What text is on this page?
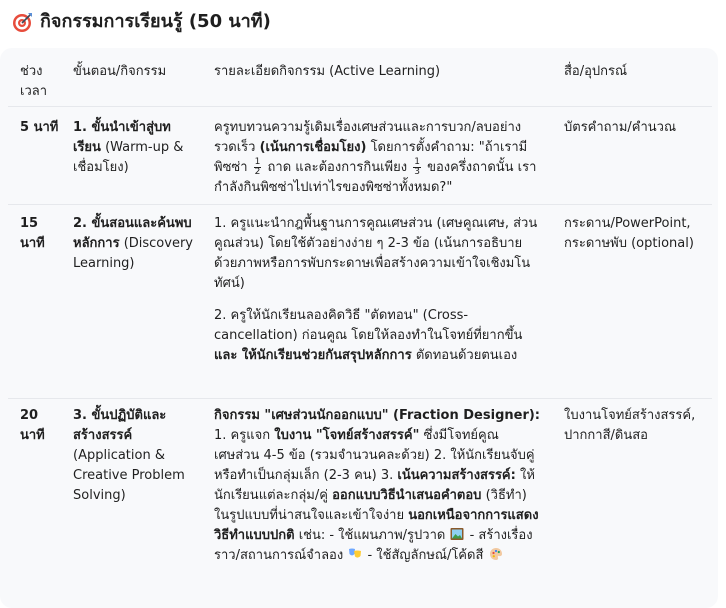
กิจกรรมการเรียนรู้ (50 นาที)
ช่วง เวลา
ขั้นตอน/กิจกรรม	รายละเอียดกิจกรรม (Active Learning)	สื่อ/อุปกรณ์
5 นาที 1. ขั้นนำเข้าสู่บทเรียน (Warm-up & เชื่อมโยง)
ครูทบทวนความรู้เดิมเรื่องเศษส่วนและการบวก/ลบอย่างรวดเร็ว (เน้นการเชื่อมโยง) โดยการตั้งคำถาม: "ถ้าเรามีพิซซ่า $\frac{1}{2}$ ถาด และต้องการกินเพียง $\frac{1}{3}$ ของครึ่งถาดนั้น เรากำลังกินพิซซ่าไปเท่าไรของพิซซ่าทั้งหมด?"
บัตรคำถาม/คำนวณ
15 นาที
2. ขั้นสอนและค้นพบหลักการ (Discovery Learning)
1. ครูแนะนำกฎพื้นฐานการคูณเศษส่วน (เศษคูณเศษ, ส่วนคูณส่วน) โดยใช้ตัวอย่างง่าย ๆ 2-3 ข้อ (เน้นการอธิบายด้วยภาพหรือการพับกระดาษเพื่อสร้างความเข้าใจเชิงมโนทัศน์)
2. ครูให้นักเรียนลองคิดวิธี "ตัดทอน" (Cross-cancellation) ก่อนคูณ โดยให้ลองทำในโจทย์ที่ยากขึ้น และ ให้นักเรียนช่วยกันสรุปหลักการ ตัดทอนด้วยตนเอง
กระดาน/PowerPoint, กระดาษพับ (optional)
20 นาที
3. ขั้นปฏิบัติและสร้างสรรค์ (Application & Creative Problem Solving)
กิจกรรม "เศษส่วนนักออกแบบ" (Fraction Designer): 1. ครูแจก ใบงาน "โจทย์สร้างสรรค์" ซึ่งมีโจทย์คูณเศษส่วน 4-5 ข้อ (รวมจำนวนคละด้วย) 2. ให้นักเรียนจับคู่หรือทำเป็นกลุ่มเล็ก (2-3 คน) 3. เน้นความสร้างสรรค์: ให้นักเรียนแต่ละกลุ่ม/คู่ ออกแบบวิธีนำเสนอคำตอบ (วิธีทำ) ในรูปแบบที่น่าสนใจและเข้าใจง่าย นอกเหนือจากการแสดงวิธีทำแบบปกติ เช่น: - ใช้แผนภาพ/รูปวาด  - สร้างเรื่องราว/สถานการณ์จำลอง  - ใช้สัญลักษณ์/โค้ดสี
ใบงานโจทย์สร้างสรรค์, ปากกาสี/ดินสอ
